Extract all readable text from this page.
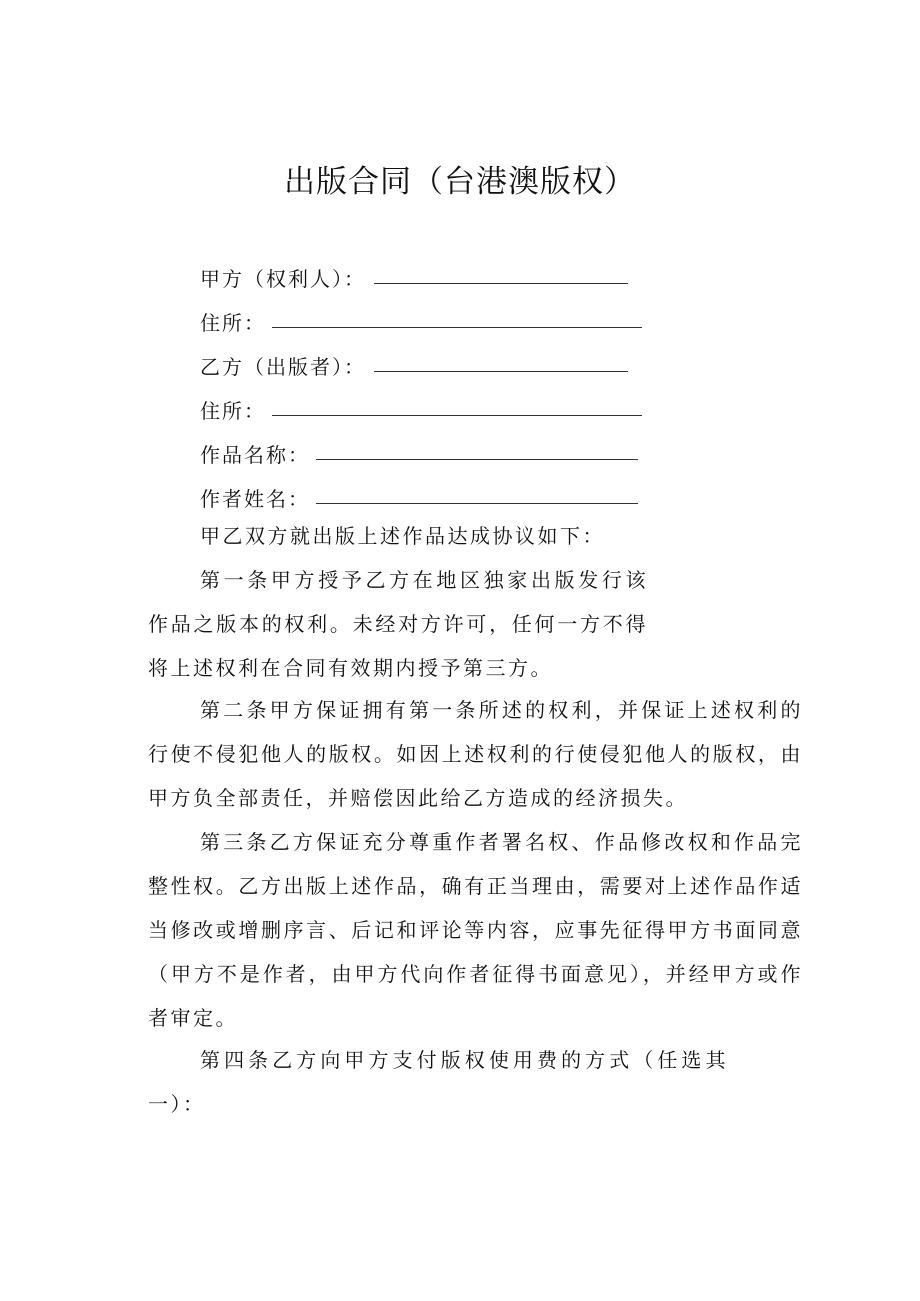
出版合同（台港澳版权）
甲方（权利人）：
住所：
乙方（出版者）：
住所：
作品名称：
作者姓名：
甲乙双方就出版上述作品达成协议如下：

第一条甲方授予乙方在地区独家出版发行该作品之版本的权利。未经对方许可，任何一方不得将上述权利在合同有效期内授予第三方。

第二条甲方保证拥有第一条所述的权利，并保证上述权利的行使不侵犯他人的版权。如因上述权利的行使侵犯他人的版权，由甲方负全部责任，并赔偿因此给乙方造成的经济损失。

第三条乙方保证充分尊重作者署名权、作品修改权和作品完整性权。乙方出版上述作品，确有正当理由，需要对上述作品作适当修改或增删序言、后记和评论等内容，应事先征得甲方书面同意（甲方不是作者，由甲方代向作者征得书面意见），并经甲方或作者审定。

第四条乙方向甲方支付版权使用费的方式（任选其一）：
